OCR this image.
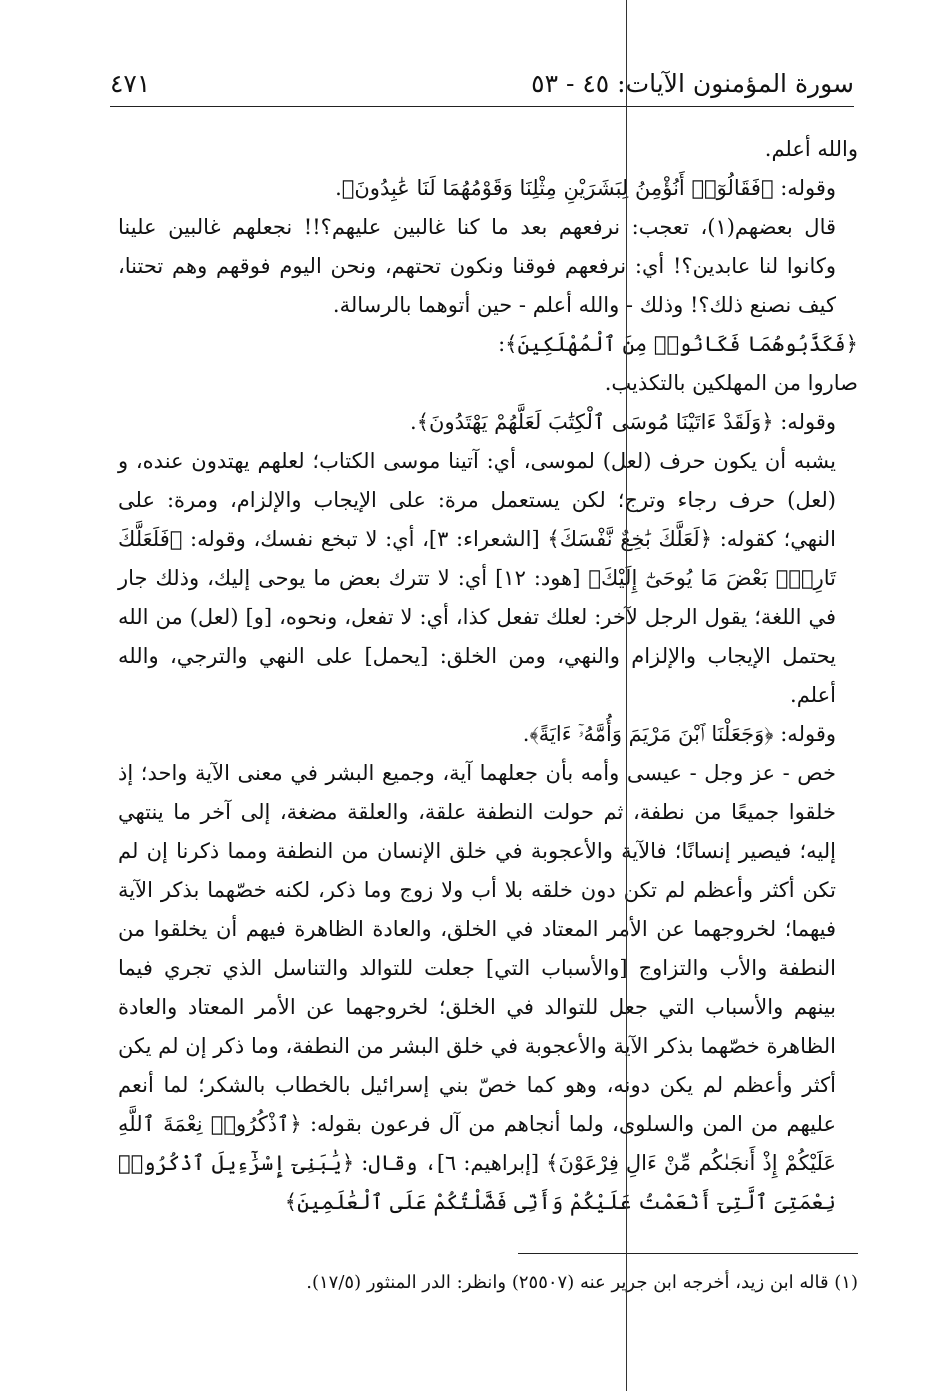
سورة المؤمنون الآيات: ٤٥ - ٥٣
٤٧١

والله أعلم.

وقوله: ﴿فَقَالُوٓا۟ أَنُؤْمِنُ لِبَشَرَيْنِ مِثْلِنَا وَقَوْمُهُمَا لَنَا عَٰبِدُونَ﴾.

قال بعضهم(١)، تعجب: نرفعهم بعد ما كنا غالبين عليهم؟!! نجعلهم غالبين علينا وكانوا لنا عابدين؟! أي: نرفعهم فوقنا ونكون تحتهم، ونحن اليوم فوقهم وهم تحتنا، كيف نصنع ذلك؟! وذلك - والله أعلم - حين أتوهما بالرسالة.

﴿فَكَذَّبُوهُمَا فَكَانُوا۟ مِنَ ٱلْمُهْلَكِينَ﴾:

صاروا من المهلكين بالتكذيب.

وقوله: ﴿وَلَقَدْ ءَاتَيْنَا مُوسَى ٱلْكِتَٰبَ لَعَلَّهُمْ يَهْتَدُونَ﴾.

يشبه أن يكون حرف (لعل) لموسى، أي: آتينا موسى الكتاب؛ لعلهم يهتدون عنده، و (لعل) حرف رجاء وترج؛ لكن يستعمل مرة: على الإيجاب والإلزام، ومرة: على النهي؛ كقوله: ﴿لَعَلَّكَ بَٰخِعٌ نَّفْسَكَ﴾ [الشعراء: ٣]، أي: لا تبخع نفسك، وقوله: ﴿فَلَعَلَّكَ تَارِكٌۢ بَعْضَ مَا يُوحَىٰٓ إِلَيْكَ﴾ [هود: ١٢] أي: لا تترك بعض ما يوحى إليك، وذلك جار في اللغة؛ يقول الرجل لآخر: لعلك تفعل كذا، أي: لا تفعل، ونحوه، [و] (لعل) من الله يحتمل الإيجاب والإلزام والنهي، ومن الخلق: [يحمل] على النهي والترجي، والله أعلم.

وقوله: ﴿وَجَعَلْنَا ٱبْنَ مَرْيَمَ وَأُمَّهُۥٓ ءَايَةً﴾.

خص - عز وجل - عيسى وأمه بأن جعلهما آية، وجميع البشر في معنى الآية واحد؛ إذ خلقوا جميعًا من نطفة، ثم حولت النطفة علقة، والعلقة مضغة، إلى آخر ما ينتهي إليه؛ فيصير إنسانًا؛ فالآية والأعجوبة في خلق الإنسان من النطفة ومما ذكرنا إن لم تكن أكثر وأعظم لم تكن دون خلقه بلا أب ولا زوج وما ذكر، لكنه خصّهما بذكر الآية فيهما؛ لخروجهما عن الأمر المعتاد في الخلق، والعادة الظاهرة فيهم أن يخلقوا من النطفة والأب والتزاوج [والأسباب التي] جعلت للتوالد والتناسل الذي تجري فيما بينهم والأسباب التي جعل للتوالد في الخلق؛ لخروجهما عن الأمر المعتاد والعادة الظاهرة خصّهما بذكر الآية والأعجوبة في خلق البشر من النطفة، وما ذكر إن لم يكن أكثر وأعظم لم يكن دونه، وهو كما خصّ بني إسرائيل بالخطاب بالشكر؛ لما أنعم عليهم من المن والسلوى، ولما أنجاهم من آل فرعون بقوله: ﴿ٱذْكُرُوا۟ نِعْمَةَ ٱللَّهِ عَلَيْكُمْ إِذْ أَنجَىٰكُم مِّنْ ءَالِ فِرْعَوْنَ﴾ [إبراهيم: ٦]، وقال: ﴿يَٰبَنِىٓ إِسْرَٰٓءِيلَ ٱذْكُرُوا۟ نِعْمَتِىَ ٱلَّتِىٓ أَنْعَمْتُ عَلَيْكُمْ وَأَنِّى فَضَّلْتُكُمْ عَلَى ٱلْعَٰلَمِينَ﴾

(١) قاله ابن زيد، أخرجه ابن جرير عنه (٢٥٥٠٧) وانظر: الدر المنثور (١٧/٥).
